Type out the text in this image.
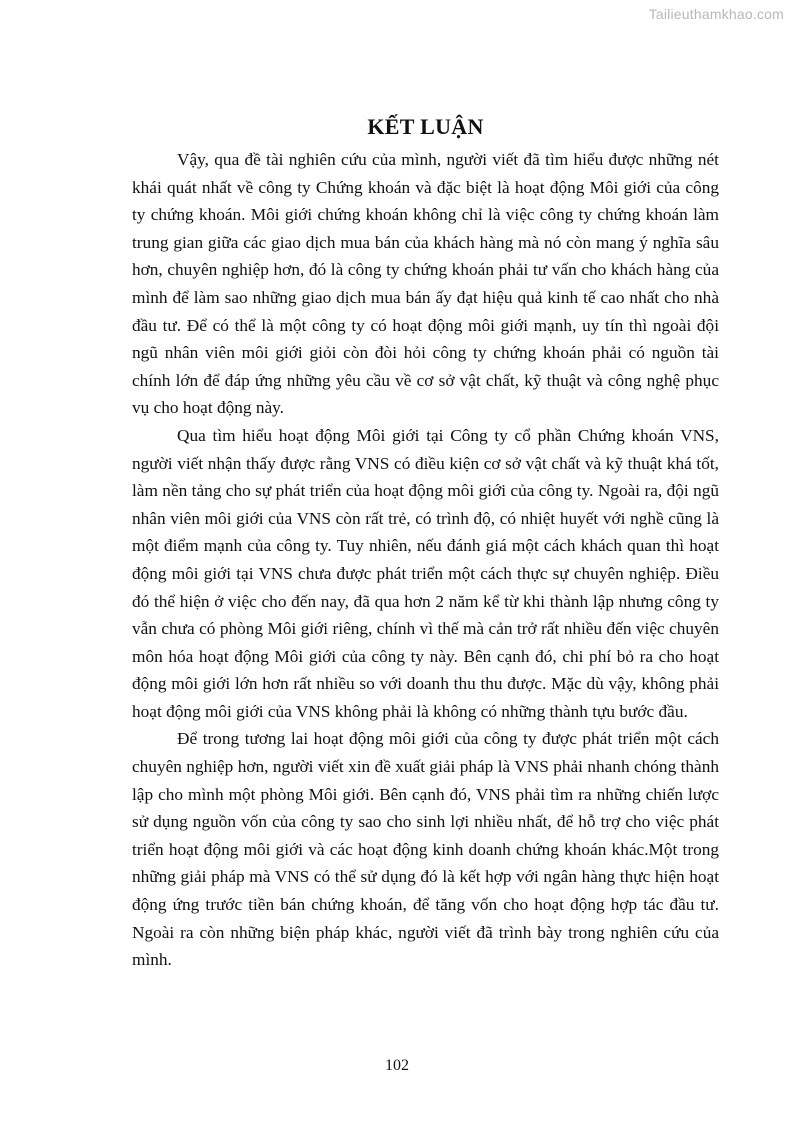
Tailieuthamkhao.com
KẾT LUẬN

Vậy, qua đề tài nghiên cứu của mình, người viết đã tìm hiểu được những nét khái quát nhất về công ty Chứng khoán và đặc biệt là hoạt động Môi giới của công ty chứng khoán. Môi giới chứng khoán không chỉ là việc công ty chứng khoán làm trung gian giữa các giao dịch mua bán của khách hàng mà nó còn mang ý nghĩa sâu hơn, chuyên nghiệp hơn, đó là công ty chứng khoán phải tư vấn cho khách hàng của mình để làm sao những giao dịch mua bán ấy đạt hiệu quả kinh tế cao nhất cho nhà đầu tư. Để có thể là một công ty có hoạt động môi giới mạnh, uy tín thì ngoài đội ngũ nhân viên môi giới giỏi còn đòi hỏi công ty chứng khoán phải có nguồn tài chính lớn để đáp ứng những yêu cầu về cơ sở vật chất, kỹ thuật và công nghệ phục vụ cho hoạt động này.

Qua tìm hiểu hoạt động Môi giới tại Công ty cổ phần Chứng khoán VNS, người viết nhận thấy được rằng VNS có điều kiện cơ sở vật chất và kỹ thuật khá tốt, làm nền tảng cho sự phát triển của hoạt động môi giới của công ty. Ngoài ra, đội ngũ nhân viên môi giới của VNS còn rất trẻ, có trình độ, có nhiệt huyết với nghề cũng là một điểm mạnh của công ty. Tuy nhiên, nếu đánh giá một cách khách quan thì hoạt động môi giới tại VNS chưa được phát triển một cách thực sự chuyên nghiệp. Điều đó thể hiện ở việc cho đến nay, đã qua hơn 2 năm kể từ khi thành lập nhưng công ty vẫn chưa có phòng Môi giới riêng, chính vì thế mà cản trở rất nhiều đến việc chuyên môn hóa hoạt động Môi giới của công ty này. Bên cạnh đó, chi phí bỏ ra cho hoạt động môi giới lớn hơn rất nhiều so với doanh thu thu được. Mặc dù vậy, không phải hoạt động môi giới của VNS không phải là không có những thành tựu bước đầu.

Để trong tương lai hoạt động môi giới của công ty được phát triển một cách chuyên nghiệp hơn, người viết xin đề xuất giải pháp là VNS phải nhanh chóng thành lập cho mình một phòng Môi giới. Bên cạnh đó, VNS phải tìm ra những chiến lược sử dụng nguồn vốn của công ty sao cho sinh lợi nhiều nhất, để hỗ trợ cho việc phát triển hoạt động môi giới và các hoạt động kinh doanh chứng khoán khác.Một trong những giải pháp mà VNS có thể sử dụng đó là kết hợp với ngân hàng thực hiện hoạt động ứng trước tiền bán chứng khoán, để tăng vốn cho hoạt động hợp tác đầu tư. Ngoài ra còn những biện pháp khác, người viết đã trình bày trong nghiên cứu của mình.

102
